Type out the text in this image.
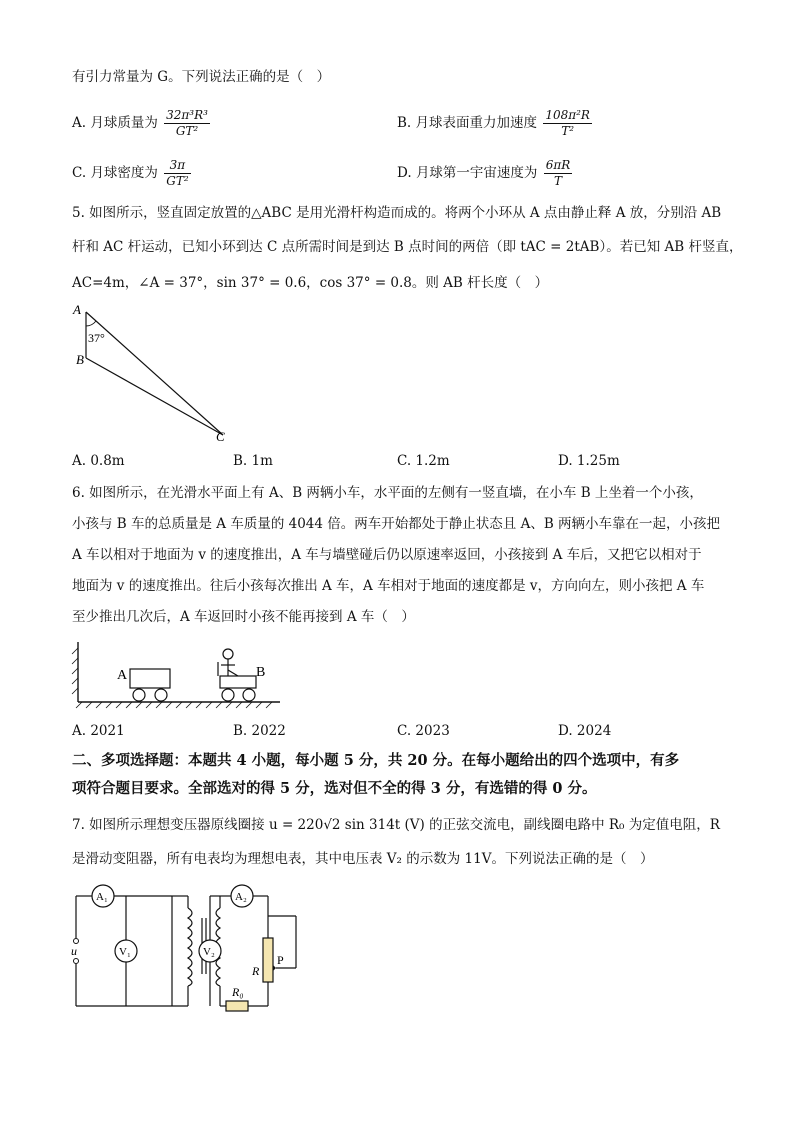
有引力常量为 G。下列说法正确的是（　）
A. 月球质量为 $\frac{\text{32π³R³}}{\text{GT²}}$	B. 月球表面重力加速度 $\frac{\text{108π²R}}{\text{T²}}$
C. 月球密度为 $\frac{3\pi}{\text{GT²}}$	D. 月球第一宇宙速度为 $\frac{6\pi R}{T}$
5. 如图所示，竖直固定放置的△ABC 是用光滑杆构造而成的。将两个小环从 A 点由静止释 A 放，分别沿 AB
杆和 AC 杆运动，已知小环到达 C 点所需时间是到达 B 点时间的两倍（即 tAC = 2tAB）。若已知 AB 杆竖直，
AC=4m，∠A = 37°，sin 37° = 0.6，cos 37° = 0.8。则 AB 杆长度（　）
A
B
C
37°
A. 0.8m	B. 1m	C. 1.2m	D. 1.25m
6. 如图所示，在光滑水平面上有 A、B 两辆小车，水平面的左侧有一竖直墙，在小车 B 上坐着一个小孩，
小孩与 B 车的总质量是 A 车质量的 4044 倍。两车开始都处于静止状态且 A、B 两辆小车靠在一起，小孩把
A 车以相对于地面为 v 的速度推出，A 车与墙壁碰后仍以原速率返回，小孩接到 A 车后，又把它以相对于
地面为 v 的速度推出。往后小孩每次推出 A 车，A 车相对于地面的速度都是 v，方向向左，则小孩把 A 车
至少推出几次后，A 车返回时小孩不能再接到 A 车（　）
A	B
A. 2021	B. 2022	C. 2023	D. 2024
二、多项选择题：本题共 4 小题，每小题 5 分，共 20 分。在每小题给出的四个选项中，有多
项符合题目要求。全部选对的得 5 分，选对但不全的得 3 分，有选错的得 0 分。
7. 如图所示理想变压器原线圈接 u = 220√2 sin 314t (V) 的正弦交流电，副线圈电路中 R₀ 为定值电阻，R
是滑动变阻器，所有电表均为理想电表，其中电压表 V₂ 的示数为 11V。下列说法正确的是（　）
u
A₁
V₁
A₂
V₂
R
P
R₀
